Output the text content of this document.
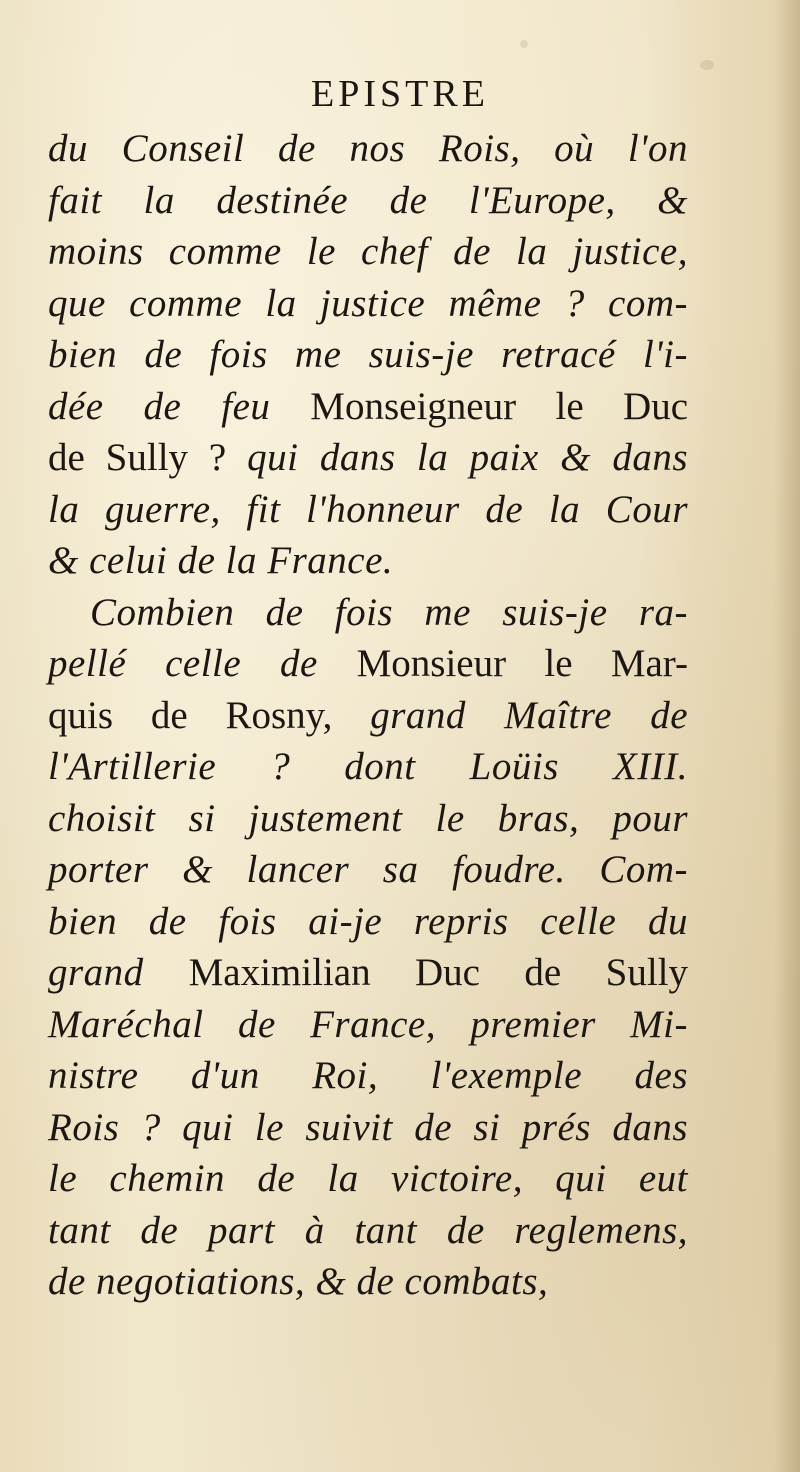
EPISTRE
du Conseil de nos Rois, où l'on
fait la destinée de l'Europe, &
moins comme le chef de la justice,
que comme la justice même ? com-
bien de fois me suis-je retracé l'i-
dée de feu Monseigneur le Duc
de Sully ? qui dans la paix & dans
la guerre, fit l'honneur de la Cour
& celui de la France.
Combien de fois me suis-je ra-
pellé celle de Monsieur le Mar-
quis de Rosny, grand Maître de
l'Artillerie ? dont Loüis XIII.
choisit si justement le bras, pour
porter & lancer sa foudre. Com-
bien de fois ai-je repris celle du
grand Maximilian Duc de Sully
Maréchal de France, premier Mi-
nistre d'un Roi, l'exemple des
Rois ? qui le suivit de si prés dans
le chemin de la victoire, qui eut
tant de part à tant de reglemens,
de negotiations, & de combats,
